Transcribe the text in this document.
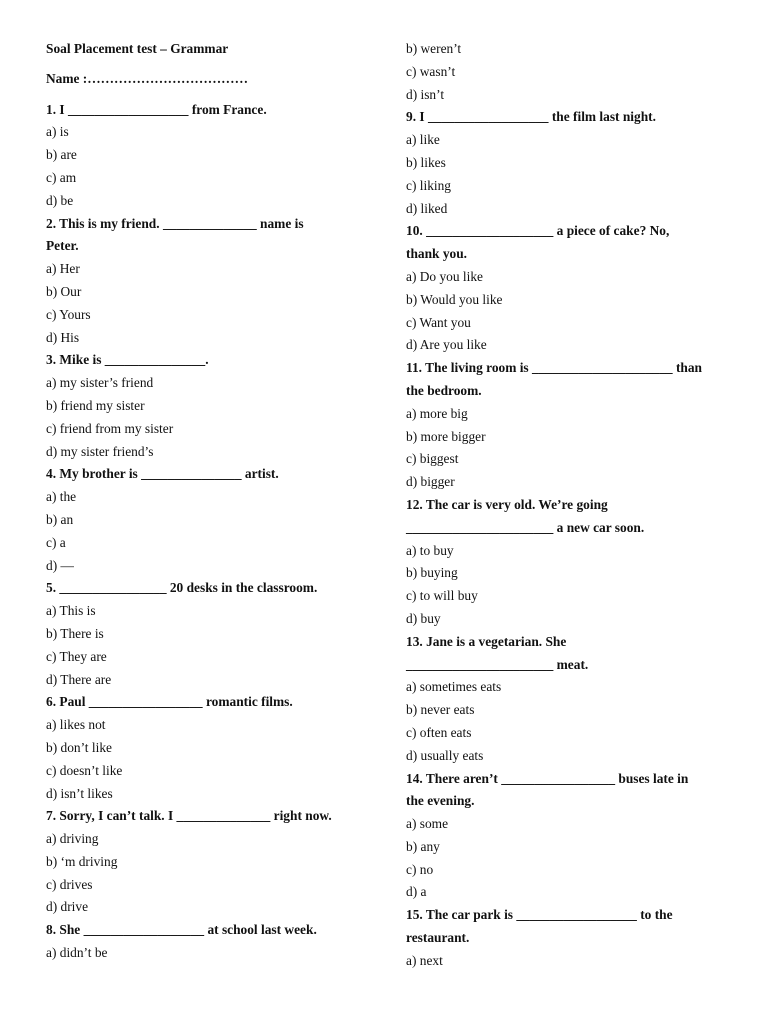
Soal Placement test – Grammar
Name :………………………………
1. I __________________ from France.
a) is
b) are
c) am
d) be
2. This is my friend. ______________ name is
Peter.
a) Her
b) Our
c) Yours
d) His
3. Mike is _______________.
a) my sister’s friend
b) friend my sister
c) friend from my sister
d) my sister friend’s
4. My brother is _______________ artist.
a) the
b) an
c) a
d) —
5. ________________ 20 desks in the classroom.
a) This is
b) There is
c) They are
d) There are
6. Paul _________________ romantic films.
a) likes not
b) don’t like
c) doesn’t like
d) isn’t likes
7. Sorry, I can’t talk. I ______________ right now.
a) driving
b) ‘m driving
c) drives
d) drive
8. She __________________ at school last week.
a) didn’t be
b) weren’t
c) wasn’t
d) isn’t
9. I __________________ the film last night.
a) like
b) likes
c) liking
d) liked
10. ___________________ a piece of cake? No,
thank you.
a) Do you like
b) Would you like
c) Want you
d) Are you like
11. The living room is _____________________ than
the bedroom.
a) more big
b) more bigger
c) biggest
d) bigger
12. The car is very old. We’re going
______________________ a new car soon.
a) to buy
b) buying
c) to will buy
d) buy
13. Jane is a vegetarian. She
______________________ meat.
a) sometimes eats
b) never eats
c) often eats
d) usually eats
14. There aren’t _________________ buses late in
the evening.
a) some
b) any
c) no
d) a
15. The car park is __________________ to the
restaurant.
a) next
